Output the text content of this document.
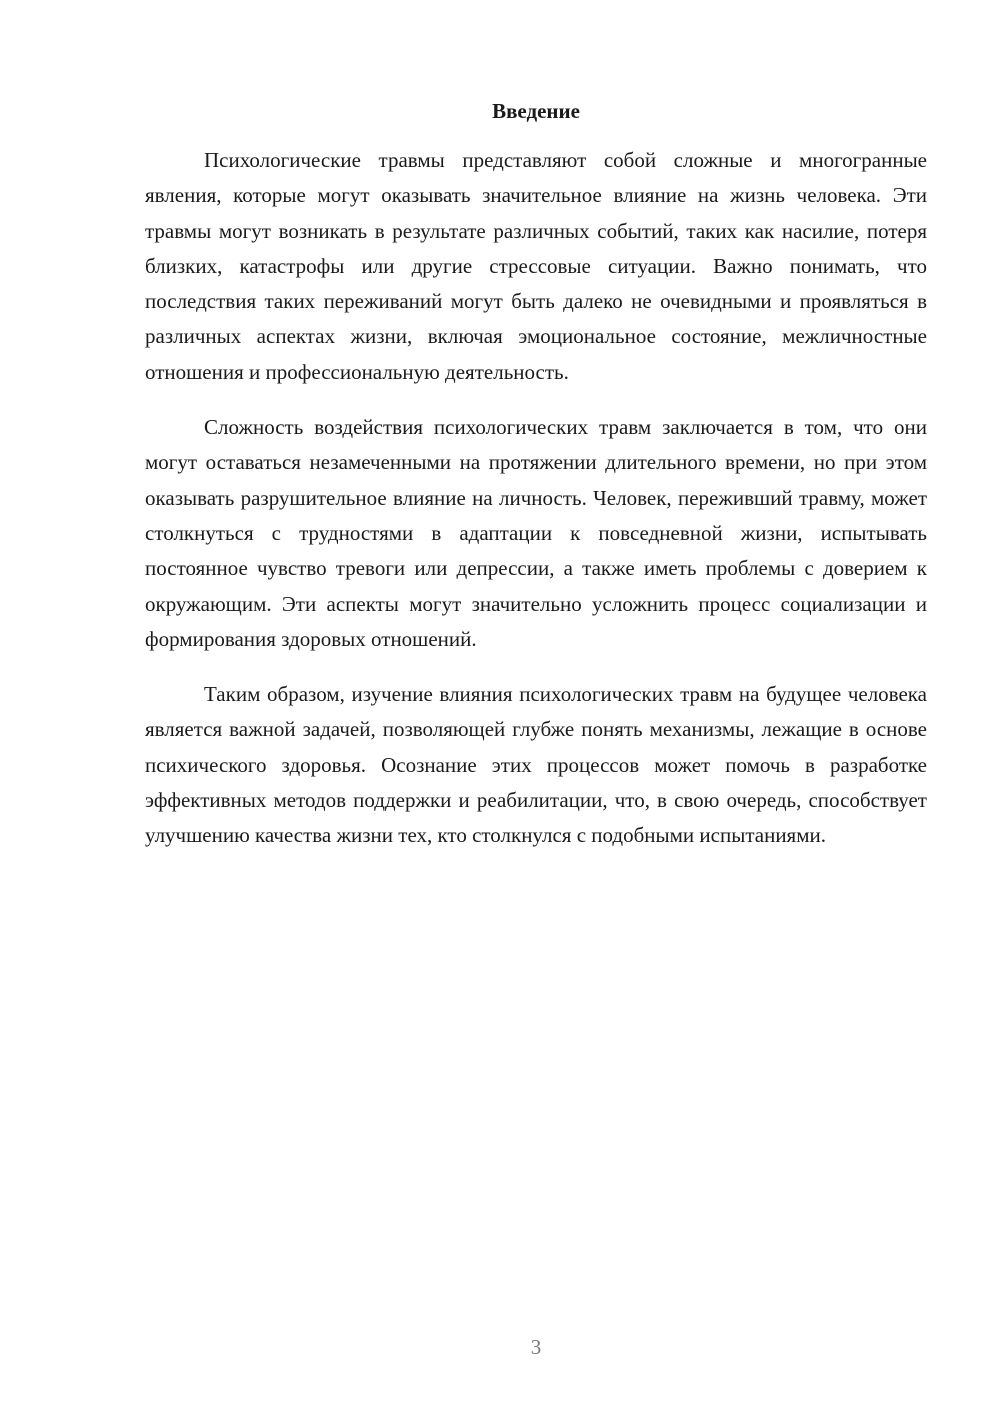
Введение

Психологические травмы представляют собой сложные и многогранные явления, которые могут оказывать значительное влияние на жизнь человека. Эти травмы могут возникать в результате различных событий, таких как насилие, потеря близких, катастрофы или другие стрессовые ситуации. Важно понимать, что последствия таких переживаний могут быть далеко не очевидными и проявляться в различных аспектах жизни, включая эмоциональное состояние, межличностные отношения и профессиональную деятельность.

Сложность воздействия психологических травм заключается в том, что они могут оставаться незамеченными на протяжении длительного времени, но при этом оказывать разрушительное влияние на личность. Человек, переживший травму, может столкнуться с трудностями в адаптации к повседневной жизни, испытывать постоянное чувство тревоги или депрессии, а также иметь проблемы с доверием к окружающим. Эти аспекты могут значительно усложнить процесс социализации и формирования здоровых отношений.

Таким образом, изучение влияния психологических травм на будущее человека является важной задачей, позволяющей глубже понять механизмы, лежащие в основе психического здоровья. Осознание этих процессов может помочь в разработке эффективных методов поддержки и реабилитации, что, в свою очередь, способствует улучшению качества жизни тех, кто столкнулся с подобными испытаниями.

3
